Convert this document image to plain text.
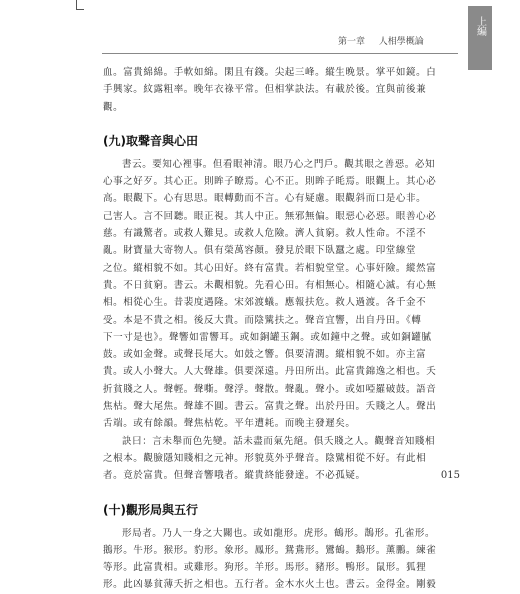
第一章 人相學概論
上編

血。富貴綿綿。手軟如綿。閑且有錢。尖起三峰。縱生晚景。掌平如鏡。白
手興家。紋露粗率。晚年衣祿平常。但相掌訣法。有載於後。宜與前後兼
觀。

(九)取聲音與心田

書云。要知心裡事。但看眼神清。眼乃心之門戶。觀其眼之善惡。必知
心事之好歹。其心正。則眸子瞭焉。心不正。則眸子眊焉。眼觀上。其心必
高。眼觀下。心有思思。眼轉動而不言。心有疑慮。眼觀斜而口是心非。
己害人。言不回聽。眼正視。其人中正。無邪無偏。眼惡心必惡。眼善心必
慈。有識驚者。或救人難見。或救人危險。濟人貧窮。救人性命。不淫不
亂。財寶量大寄物人。俱有榮萬容顏。發見於眼下臥蠶之處。印堂線堂
之位。縱相貌不如。其心田好。終有富貴。若相貌堂堂。心事奸險。縱然富
貴。不日貧窮。書云。未觀相貌。先看心田。有相無心。相隨心滅。有心無
相。相從心生。昔裴度遇隆。宋郊渡蟻。應報扶危。救人過渡。各千金不
受。本是不貴之相。後反大貴。而陰騭扶之。聲音宜響，出自丹田。《轉
下一寸是也》。聲響如雷響耳。或如銅罐玉鋼。或如鐘中之聲。或如銅罐膩
鼓。或如金聲。或聲長尾大。如鼓之響。俱要清潤。縱相貌不如。亦主富
貴。或人小聲大。人大聲雄。俱要深遠。丹田所出。此富貴錦逸之相也。夭
折貧賤之人。聲輕。聲嘶。聲浮。聲散。聲亂。聲小。或如啞羅破鼓。語音
焦枯。聲大尾焦。聲雄不圓。書云。富貴之聲。出於丹田。夭賤之人。聲出
舌端。或有餘韻。聲焦枯乾。平年遭耗。而晚主發遲矣。

訣曰：言未舉而色先變。話未盡而氣先絕。俱夭賤之人。觀聲音知賤相
之根本。觀臉隱知賤相之元神。形貌莫外乎聲音。陰騭相從不好。有此相
者。竟於富貴。但聲音響哦者。縱貴終能發達。不必孤疑。

(十)觀形局與五行

形局者。乃人一身之大關也。或如龍形。虎形。鶴形。鵲形。孔雀形。
鵝形。牛形。猴形。豹形。象形。鳳形。鴛鴦形。鸞鶴。鵝形。薰鵬。練雀
等形。此富貴相。或雞形。狗形。羊形。馬形。豬形。鴨形。鼠形。狐狸
形。此凶暴貧薄夭折之相也。五行者。金木水火土也。書云。金得金。剛毅

015
